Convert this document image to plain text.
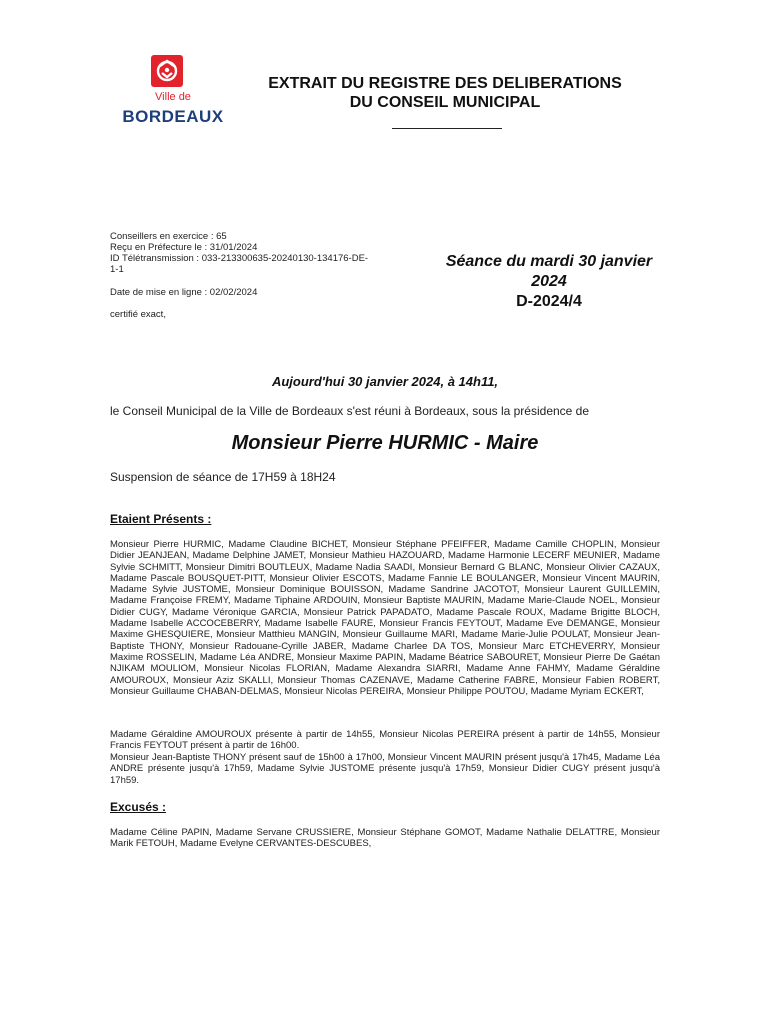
Ville de
BORDEAUX
EXTRAIT DU REGISTRE DES DELIBERATIONS
DU CONSEIL MUNICIPAL
Conseillers en exercice : 65
Reçu en Préfecture le : 31/01/2024
ID Télétransmission : 033-213300635-20240130-134176-DE-
1-1
Date de mise en ligne : 02/02/2024
certifié exact,
Séance du mardi 30 janvier
2024
D-2024/4
Aujourd'hui 30 janvier 2024, à 14h11,
le Conseil Municipal de la Ville de Bordeaux s'est réuni à Bordeaux, sous la présidence de
Monsieur Pierre HURMIC - Maire
Suspension de séance de 17H59 à 18H24
Etaient Présents :
Monsieur Pierre HURMIC, Madame Claudine BICHET, Monsieur Stéphane PFEIFFER, Madame Camille CHOPLIN, Monsieur Didier JEANJEAN, Madame Delphine JAMET, Monsieur Mathieu HAZOUARD, Madame Harmonie LECERF MEUNIER, Madame Sylvie SCHMITT, Monsieur Dimitri BOUTLEUX, Madame Nadia SAADI, Monsieur Bernard G BLANC, Monsieur Olivier CAZAUX, Madame Pascale BOUSQUET-PITT, Monsieur Olivier ESCOTS, Madame Fannie LE BOULANGER, Monsieur Vincent MAURIN, Madame Sylvie JUSTOME, Monsieur Dominique BOUISSON, Madame Sandrine JACOTOT, Monsieur Laurent GUILLEMIN, Madame Françoise FREMY, Madame Tiphaine ARDOUIN, Monsieur Baptiste MAURIN, Madame Marie-Claude NOEL, Monsieur Didier CUGY, Madame Véronique GARCIA, Monsieur Patrick PAPADATO, Madame Pascale ROUX, Madame Brigitte BLOCH, Madame Isabelle ACCOCEBERRY, Madame Isabelle FAURE, Monsieur Francis FEYTOUT, Madame Eve DEMANGE, Monsieur Maxime GHESQUIERE, Monsieur Matthieu MANGIN, Monsieur Guillaume MARI, Madame Marie-Julie POULAT, Monsieur Jean-Baptiste THONY, Monsieur Radouane-Cyrille JABER, Madame Charlee DA TOS, Monsieur Marc ETCHEVERRY, Monsieur Maxime ROSSELIN, Madame Léa ANDRE, Monsieur Maxime PAPIN, Madame Béatrice SABOURET, Monsieur Pierre De Gaétan NJIKAM MOULIOM, Monsieur Nicolas FLORIAN, Madame Alexandra SIARRI, Madame Anne FAHMY, Madame Géraldine AMOUROUX, Monsieur Aziz SKALLI, Monsieur Thomas CAZENAVE, Madame Catherine FABRE, Monsieur Fabien ROBERT, Monsieur Guillaume CHABAN-DELMAS, Monsieur Nicolas PEREIRA, Monsieur Philippe POUTOU, Madame Myriam ECKERT,
Madame Géraldine AMOUROUX présente à partir de 14h55, Monsieur Nicolas PEREIRA présent à partir de 14h55, Monsieur Francis FEYTOUT présent à partir de 16h00.
Monsieur Jean-Baptiste THONY présent sauf de 15h00 à 17h00, Monsieur Vincent MAURIN présent jusqu'à 17h45, Madame Léa ANDRE présente jusqu'à 17h59, Madame Sylvie JUSTOME présente jusqu'à 17h59, Monsieur Didier CUGY présent jusqu'à 17h59.
Excusés :
Madame Céline PAPIN, Madame Servane CRUSSIERE, Monsieur Stéphane GOMOT, Madame Nathalie DELATTRE, Monsieur Marik FETOUH, Madame Evelyne CERVANTES-DESCUBES,
